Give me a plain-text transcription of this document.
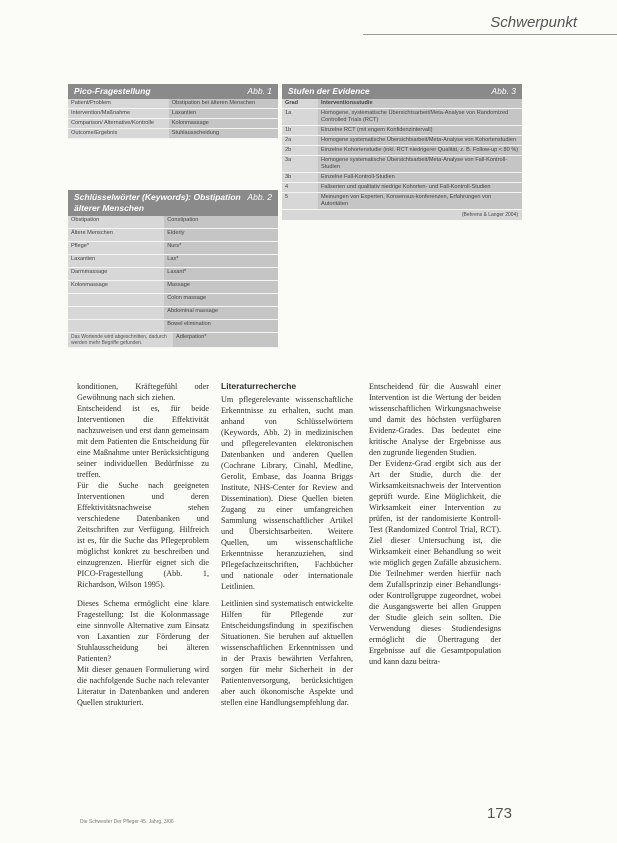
Schwerpunkt
Pico-Fragestellung	Abb. 1
Patient/Problem	Obstipation bei älteren Menschen
Intervention/Maßnahme	Laxantien
Comparison/ Alternative/Kontrolle	Kolonmassage
Outcome/Ergebnis	Stuhlausscheidung
Abb. 2
Schlüsselwörter (Keywords): Obstipation älterer Menschen
Obstipation	Constipation
Ältere Menschen	Elderly
Pflege*	Nurs*
Laxantien	Lax*
Darmmassage	Laxant*
Kolonmassage	Massage
	Colon massage
	Abdominal massage
	Bowel elimination
Das Wortende wird abgeschnitten, dadurch werden mehr Begriffe gefunden.	Adlerpation*
Stufen der Evidence	Abb. 3
Grad	Interventionsstudie
1a	Homogene, systematische Übersichtsarbeit/Meta-Analyse von Randomized Controlled Trials (RCT)
1b	Einzelne RCT (mit engem Konfidenzintervall)
2a	Homogene systematische Übersichtsarbeit/Meta-Analyse von Kohortenstudien
2b	Einzelne Kohortenstudie (inkl. RCT niedrigerer Qualität, z. B. Follow-up < 80 %)
3a	Homogene systematische Übersichtsarbeit/Meta-Analyse von Fall-Kontroll-Studien
3b	Einzelne Fall-Kontroll-Studien
4	Fallserien und qualitativ niedrige Kohorten- und Fall-Kontroll-Studien
5	Meinungen von Experten, Konsensus-konferenzen, Erfahrungen von Autoritäten
(Behrens & Langer 2004)

konditionen, Kräftegefühl oder Gewöhnung nach sich ziehen.

Entscheidend ist es, für beide Interventionen die Effektivität nachzuweisen und erst dann gemeinsam mit dem Patienten die Entscheidung für eine Maßnahme unter Berücksichtigung seiner individuellen Bedürfnisse zu treffen.

Für die Suche nach geeigneten Interventionen und deren Effektivitätsnachweise stehen verschiedene Datenbanken und Zeitschriften zur Verfügung. Hilfreich ist es, für die Suche das Pflegeproblem möglichst konkret zu beschreiben und einzugrenzen. Hierfür eignet sich die PICO-Fragestellung (Abb. 1, Richardson, Wilson 1995).

Dieses Schema ermöglicht eine klare Fragestellung: Ist die Kolonmassage eine sinnvolle Alternative zum Einsatz von Laxantien zur Förderung der Stuhlausscheidung bei älteren Patienten?

Mit dieser genauen Formulierung wird die nachfolgende Suche nach relevanter Literatur in Datenbanken und anderen Quellen strukturiert.

Literaturrecherche

Um pflegerelevante wissenschaftliche Erkenntnisse zu erhalten, sucht man anhand von Schlüsselwörtern (Keywords, Abb. 2) in medizinischen und pflegerelevanten elektronischen Datenbanken und anderen Quellen (Cochrane Library, Cinahl, Medline, Gerolit, Embase, das Joanna Briggs Institute, NHS-Center for Review and Dissemination). Diese Quellen bieten Zugang zu einer umfangreichen Sammlung wissenschaftlicher Artikel und Übersichtsarbeiten. Weitere Quellen, um wissenschaftliche Erkenntnisse heranzuziehen, sind Pflegefachzeitschriften, Fachbücher und nationale oder internationale Leitlinien.

Leitlinien sind systematisch entwickelte Hilfen für Pflegende zur Entscheidungsfindung in spezifischen Situationen. Sie beruhen auf aktuellen wissenschaftlichen Erkenntnissen und in der Praxis bewährten Verfahren, sorgen für mehr Sicherheit in der Patientenversorgung, berücksichtigen aber auch ökonomische Aspekte und stellen eine Handlungsempfehlung dar.

Entscheidend für die Auswahl einer Intervention ist die Wertung der beiden wissenschaftlichen Wirkungsnachweise und damit des höchsten verfügbaren Evidenz-Grades. Das bedeutet eine kritische Analyse der Ergebnisse aus den zugrunde liegenden Studien.

Der Evidenz-Grad ergibt sich aus der Art der Studie, durch die der Wirksamkeitsnachweis der Intervention geprüft wurde. Eine Möglichkeit, die Wirksamkeit einer Intervention zu prüfen, ist der randomisierte Kontroll-Test (Randomized Control Trial, RCT). Ziel dieser Untersuchung ist, die Wirksamkeit einer Behandlung so weit wie möglich gegen Zufälle abzusichern. Die Teilnehmer werden hierfür nach dem Zufallsprinzip einer Behandlungs- oder Kontrollgruppe zugeordnet, wobei die Ausgangswerte bei allen Gruppen der Studie gleich sein sollten. Die Verwendung dieses Studiendesigns ermöglicht die Übertragung der Ergebnisse auf die Gesamtpopulation und kann dazu beitra-

Die Schwester Der Pfleger 45. Jahrg. 3/06	173
